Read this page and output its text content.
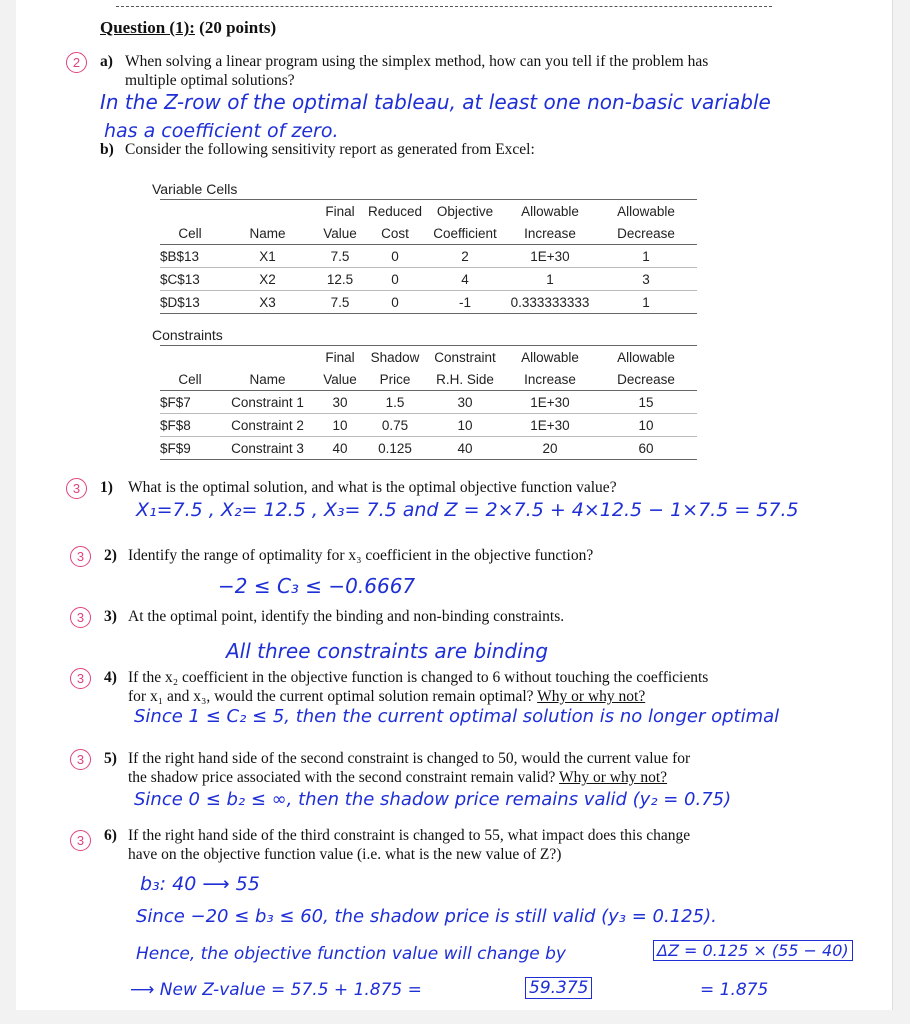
Question (1): (20 points)
2	a) When solving a linear program using the simplex method, how can you tell if the problem has
multiple optimal solutions?
In the Z-row of the optimal tableau, at least one non-basic variable
has a coefficient of zero.
b) Consider the following sensitivity report as generated from Excel:
Variable Cells
		Final	Reduced	Objective	Allowable	Allowable
Cell	Name	Value	Cost	Coefficient	Increase	Decrease
$B$13	X1	7.5	0	2	1E+30	1
$C$13	X2	12.5	0	4	1	3
$D$13	X3	7.5	0	-1	0.333333333	1
Constraints
		Final	Shadow	Constraint	Allowable	Allowable
Cell	Name	Value	Price	R.H. Side	Increase	Decrease
$F$7	Constraint 1	30	1.5	30	1E+30	15
$F$8	Constraint 2	10	0.75	10	1E+30	10
$F$9	Constraint 3	40	0.125	40	20	60
3	1) What is the optimal solution, and what is the optimal objective function value?
X₁=7.5 , X₂= 12.5 , X₃= 7.5 and Z = 2×7.5 + 4×12.5 − 1×7.5 = 57.5
3	2) Identify the range of optimality for x₃ coefficient in the objective function?
−2 ≤ C₃ ≤ −0.6667
3	3) At the optimal point, identify the binding and non-binding constraints.
All three constraints are binding
3	4) If the x₂ coefficient in the objective function is changed to 6 without touching the coefficients
for x₁ and x₃, would the current optimal solution remain optimal? Why or why not?
Since 1 ≤ C₂ ≤ 5, then the current optimal solution is no longer optimal
3	5) If the right hand side of the second constraint is changed to 50, would the current value for
the shadow price associated with the second constraint remain valid? Why or why not?
Since 0 ≤ b₂ ≤ ∞, then the shadow price remains valid (y₂ = 0.75)
3	6) If the right hand side of the third constraint is changed to 55, what impact does this change
have on the objective function value (i.e. what is the new value of Z?)
b₃: 40 ⟶ 55
Since −20 ≤ b₃ ≤ 60, the shadow price is still valid (y₃ = 0.125).
Hence, the objective function value will change by	ΔZ = 0.125 × (55 − 40)
⟶ New Z-value = 57.5 + 1.875 =	59.375	= 1.875
